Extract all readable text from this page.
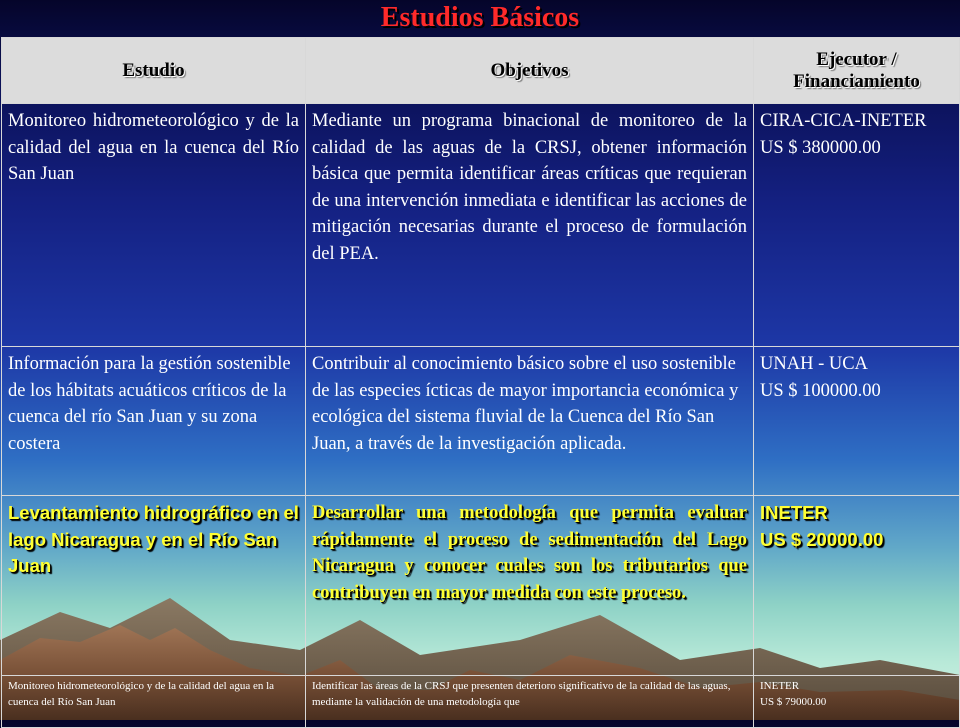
Estudios Básicos
Estudio	Objetivos	Ejecutor / Financiamiento
Monitoreo hidrometeorológico y de la calidad del agua en la cuenca del Río San Juan	Mediante un programa binacional de monitoreo de la calidad de las aguas de la CRSJ, obtener información básica que permita identificar áreas críticas que requieran de una intervención inmediata e identificar las acciones de mitigación necesarias durante el proceso de formulación del PEA.	CIRA-CICA-INETER
US $ 380000.00

Información para la gestión sostenible de los hábitats acuáticos críticos de la cuenca del río San Juan y su zona costera	Contribuir al conocimiento básico sobre el uso sostenible de las especies ícticas de mayor importancia económica y ecológica del sistema fluvial de la Cuenca del Río San Juan, a través de la investigación aplicada.	UNAH - UCA
US $ 100000.00

Levantamiento hidrográfico en el lago Nicaragua y en el Río San Juan	Desarrollar una metodología que permita evaluar rápidamente el proceso de sedimentación del Lago Nicaragua y conocer cuales son los tributarios que contribuyen en mayor medida con este proceso.	INETER
US $ 20000.00

Monitoreo hidrometeorológico y de la calidad del agua en la cuenca del Río San Juan	Identificar las áreas de la CRSJ que presenten deterioro significativo de la calidad de las aguas, mediante la validación de una metodología que	INETER
US $ 79000.00
